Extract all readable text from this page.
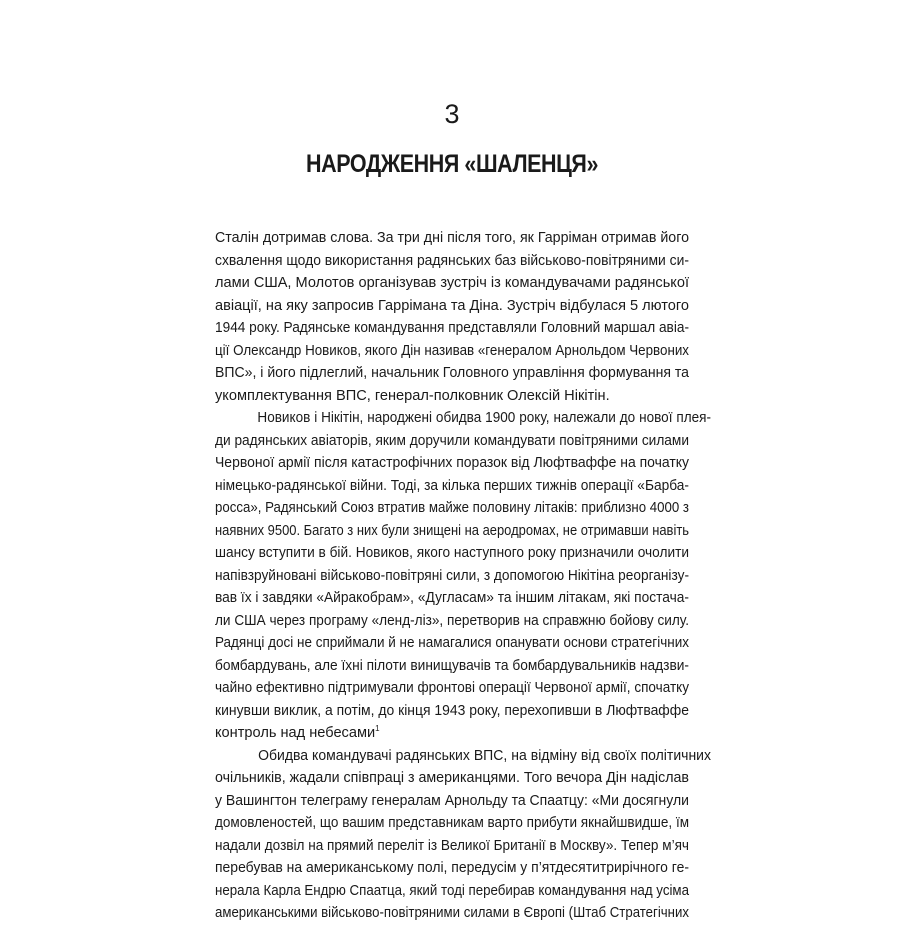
3
НАРОДЖЕННЯ «ШАЛЕНЦЯ»
Сталін дотримав слова. За три дні після того, як Гарріман отримав його
схвалення щодо використання радянських баз військово-повітряними си-
лами США, Молотов організував зустріч із командувачами радянської
авіації, на яку запросив Гаррімана та Діна. Зустріч відбулася 5 лютого
1944 року. Радянське командування представляли Головний маршал авіа-
ції Олександр Новиков, якого Дін називав «генералом Арнольдом Червоних
ВПС», і його підлеглий, начальник Головного управління формування та
укомплектування ВПС, генерал-полковник Олексій Нікітін.
Новиков і Нікітін, народжені обидва 1900 року, належали до нової плея-
ди радянських авіаторів, яким доручили командувати повітряними силами
Червоної армії після катастрофічних поразок від Люфтваффе на початку
німецько-радянської війни. Тоді, за кілька перших тижнів операції «Барба-
росса», Радянський Союз втратив майже половину літаків: приблизно 4000 з
наявних 9500. Багато з них були знищені на аеродромах, не отримавши навіть
шансу вступити в бій. Новиков, якого наступного року призначили очолити
напівзруйновані військово-повітряні сили, з допомогою Нікітіна реорганізу-
вав їх і завдяки «Айракобрам», «Дугласам» та іншим літакам, які постача-
ли США через програму «ленд-ліз», перетворив на справжню бойову силу.
Радянці досі не сприймали й не намагалися опанувати основи стратегічних
бомбардувань, але їхні пілоти винищувачів та бомбардувальників надзви-
чайно ефективно підтримували фронтові операції Червоної армії, спочатку
кинувши виклик, а потім, до кінця 1943 року, перехопивши в Люфтваффе
контроль над небесами$^1$
Обидва командувачі радянських ВПС, на відміну від своїх політичних
очільників, жадали співпраці з американцями. Того вечора Дін надіслав
у Вашингтон телеграму генералам Арнольду та Спаатцу: «Ми досягнули
домовленостей, що вашим представникам варто прибути якнайшвидше, їм
надали дозвіл на прямий переліт із Великої Британії в Москву». Тепер м’яч
перебував на американському полі, передусім у п’ятдесятитрирічного ге-
нерала Карла Ендрю Спаатца, який тоді перебирав командування над усіма
американськими військово-повітряними силами в Європі (Штаб Стратегічних
